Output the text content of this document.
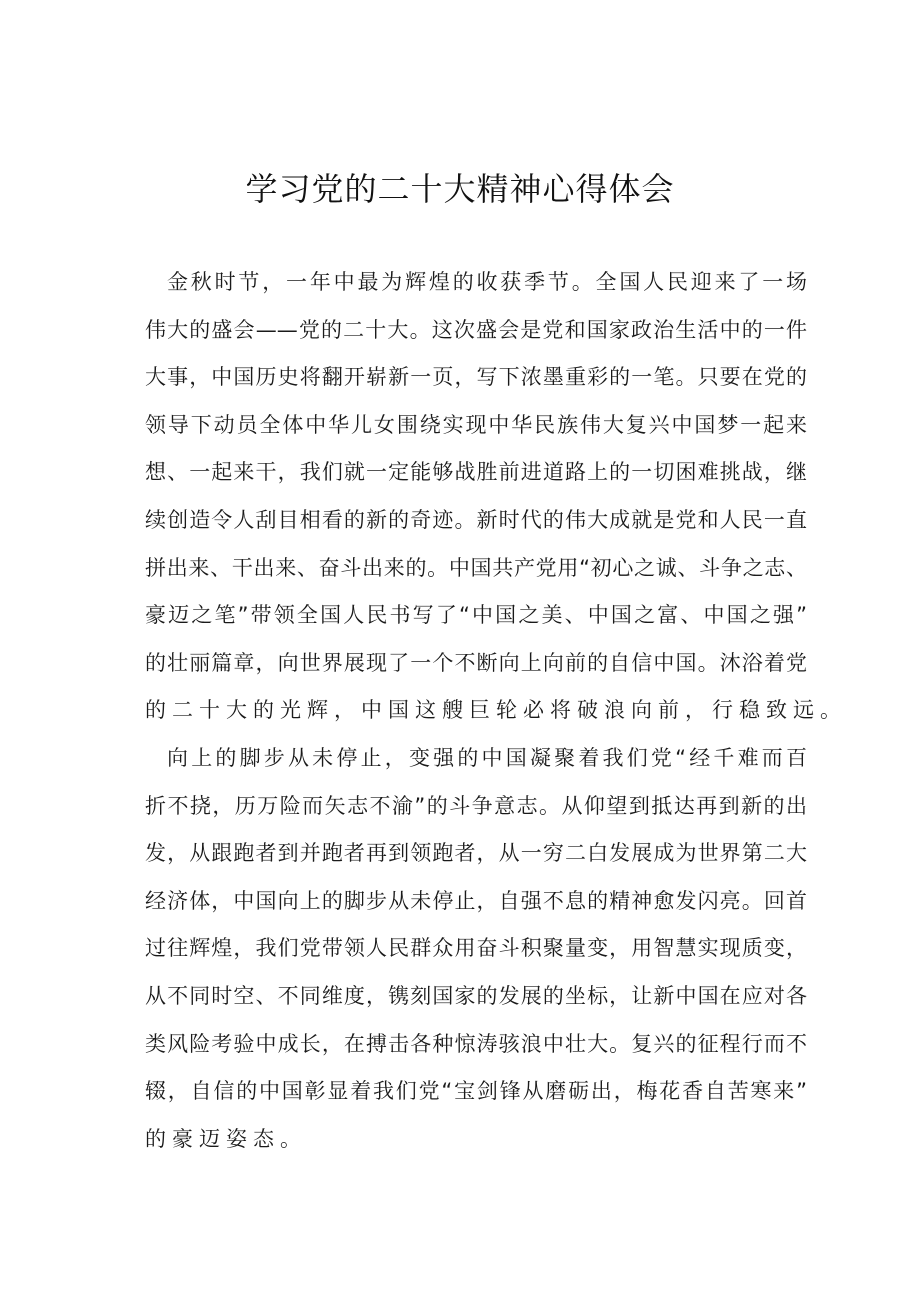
学习党的二十大精神心得体会
金秋时节，一年中最为辉煌的收获季节。全国人民迎来了一场
伟大的盛会——党的二十大。这次盛会是党和国家政治生活中的一件
大事，中国历史将翻开崭新一页，写下浓墨重彩的一笔。只要在党的
领导下动员全体中华儿女围绕实现中华民族伟大复兴中国梦一起来
想、一起来干，我们就一定能够战胜前进道路上的一切困难挑战，继
续创造令人刮目相看的新的奇迹。新时代的伟大成就是党和人民一直
拼出来、干出来、奋斗出来的。中国共产党用“初心之诚、斗争之志、
豪迈之笔”带领全国人民书写了“中国之美、中国之富、中国之强”
的壮丽篇章，向世界展现了一个不断向上向前的自信中国。沐浴着党
的二十大的光辉，中国这艘巨轮必将破浪向前，行稳致远。
向上的脚步从未停止，变强的中国凝聚着我们党“经千难而百
折不挠，历万险而矢志不渝”的斗争意志。从仰望到抵达再到新的出
发，从跟跑者到并跑者再到领跑者，从一穷二白发展成为世界第二大
经济体，中国向上的脚步从未停止，自强不息的精神愈发闪亮。回首
过往辉煌，我们党带领人民群众用奋斗积聚量变，用智慧实现质变，
从不同时空、不同维度，镌刻国家的发展的坐标，让新中国在应对各
类风险考验中成长，在搏击各种惊涛骇浪中壮大。复兴的征程行而不
辍，自信的中国彰显着我们党“宝剑锋从磨砺出，梅花香自苦寒来”
的豪迈姿态。
